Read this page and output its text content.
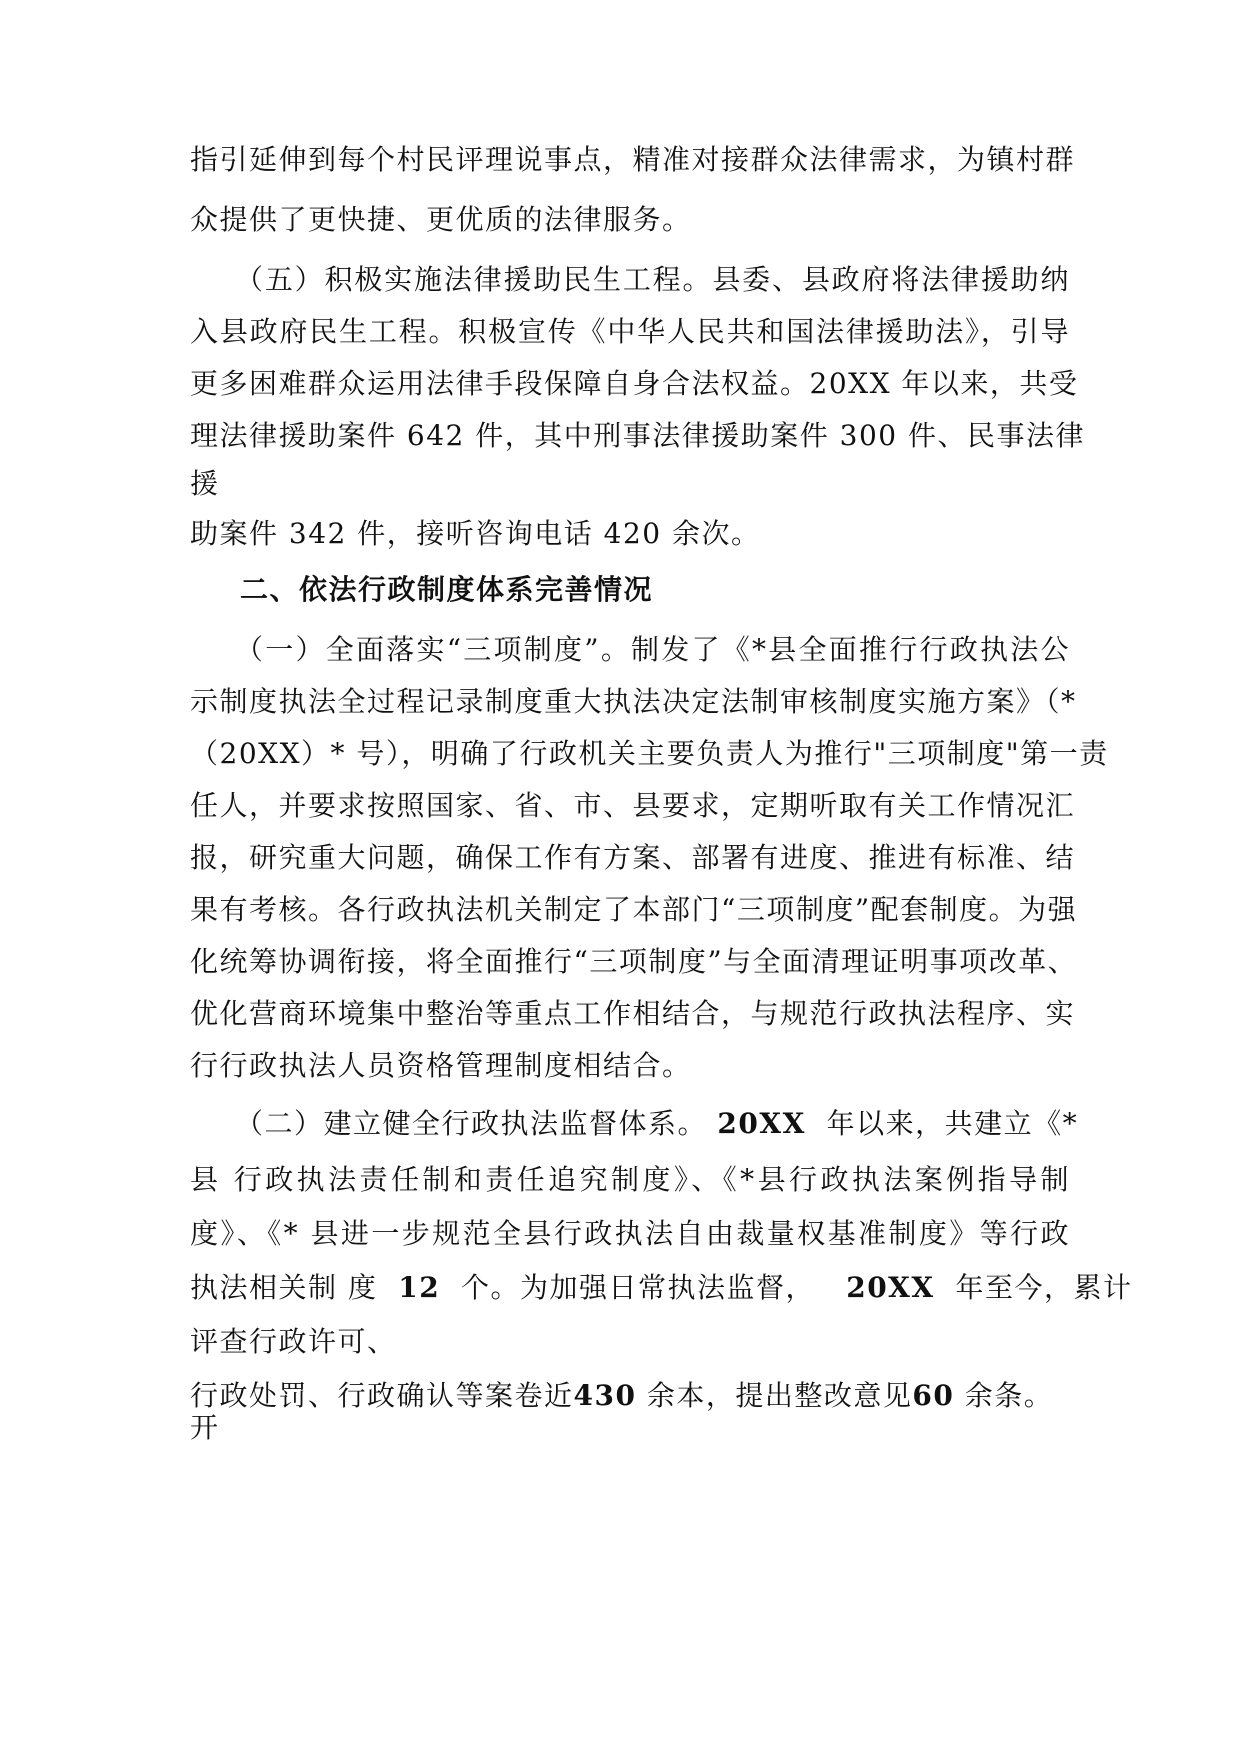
指引延伸到每个村民评理说事点，精准对接群众法律需求，为镇村群
众提供了更快捷、更优质的法律服务。
（五）积极实施法律援助民生工程。县委、县政府将法律援助纳
入县政府民生工程。积极宣传《中华人民共和国法律援助法》，引导
更多困难群众运用法律手段保障自身合法权益。20XX 年以来，共受
理法律援助案件 642 件，其中刑事法律援助案件 300 件、民事法律
援
助案件 342 件，接听咨询电话 420 余次。
二、依法行政制度体系完善情况
（一）全面落实“三项制度”。制发了《*县全面推行行政执法公
示制度执法全过程记录制度重大执法决定法制审核制度实施方案》（*
（20XX）* 号），明确了行政机关主要负责人为推行"三项制度"第一责
任人，并要求按照国家、省、市、县要求，定期听取有关工作情况汇
报，研究重大问题，确保工作有方案、部署有进度、推进有标准、结
果有考核。各行政执法机关制定了本部门“三项制度”配套制度。为强
化统筹协调衔接，将全面推行“三项制度”与全面清理证明事项改革、
优化营商环境集中整治等重点工作相结合，与规范行政执法程序、实
行行政执法人员资格管理制度相结合。
（二）建立健全行政执法监督体系。 20XX 年以来，共建立《*
县 行政执法责任制和责任追究制度》、《*县行政执法案例指导制
度》、《* 县进一步规范全县行政执法自由裁量权基准制度》等行政
执法相关制 度 12 个。为加强日常执法监督， 20XX 年至今，累计
评查行政许可、
行政处罚、行政确认等案卷近430 余本，提出整改意见60 余条。
开
